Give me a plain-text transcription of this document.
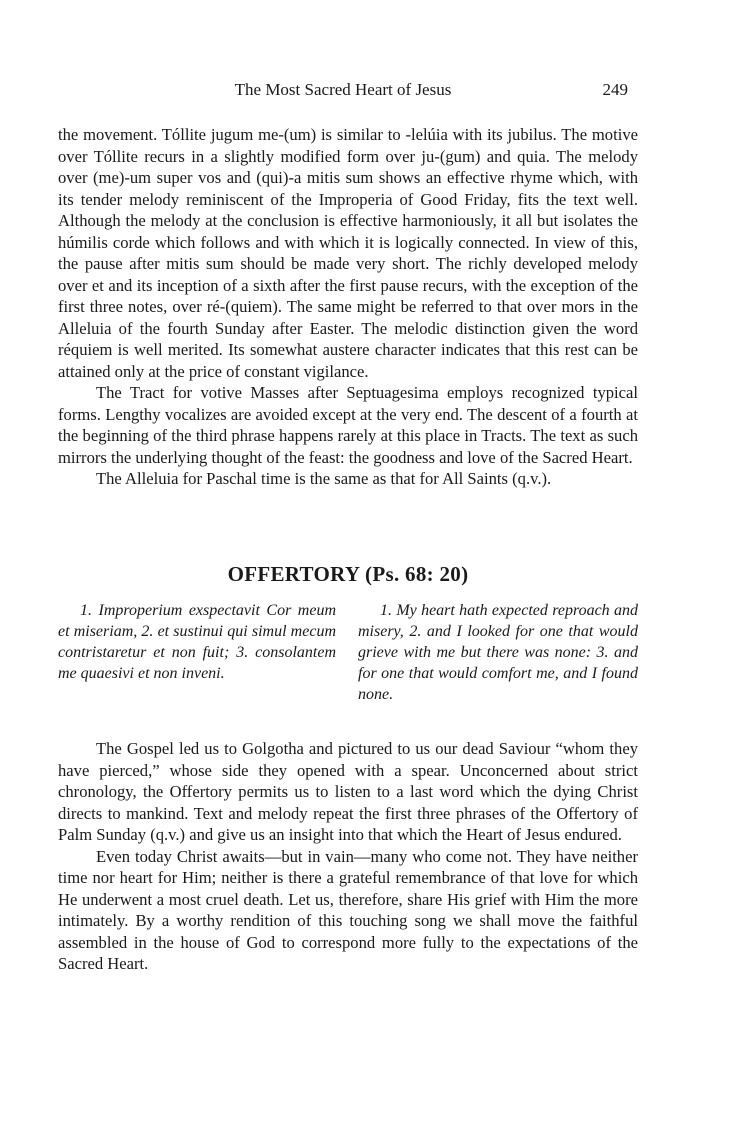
The Most Sacred Heart of Jesus	249

the movement. Tóllite jugum me-(um) is similar to -lelúia with its jubilus. The motive over Tóllite recurs in a slightly modified form over ju-(gum) and quia. The melody over (me)-um super vos and (qui)-a mitis sum shows an effective rhyme which, with its tender melody reminiscent of the Improperia of Good Friday, fits the text well. Although the melody at the conclusion is effective harmoniously, it all but isolates the húmilis corde which follows and with which it is logically connected. In view of this, the pause after mitis sum should be made very short. The richly developed melody over et and its inception of a sixth after the first pause recurs, with the exception of the first three notes, over ré-(quiem). The same might be referred to that over mors in the Alleluia of the fourth Sunday after Easter. The melodic distinction given the word réquiem is well merited. Its somewhat austere character indicates that this rest can be attained only at the price of constant vigilance.

The Tract for votive Masses after Septuagesima employs recognized typical forms. Lengthy vocalizes are avoided except at the very end. The descent of a fourth at the beginning of the third phrase happens rarely at this place in Tracts. The text as such mirrors the underlying thought of the feast: the goodness and love of the Sacred Heart.

The Alleluia for Paschal time is the same as that for All Saints (q.v.).

OFFERTORY (Ps. 68: 20)

1. Improperium exspectavit Cor meum et miseriam, 2. et sustinui qui simul mecum contristaretur et non fuit; 3. consolantem me quaesivi et non inveni.

1. My heart hath expected reproach and misery, 2. and I looked for one that would grieve with me but there was none: 3. and for one that would comfort me, and I found none.

The Gospel led us to Golgotha and pictured to us our dead Saviour “whom they have pierced,” whose side they opened with a spear. Unconcerned about strict chronology, the Offertory permits us to listen to a last word which the dying Christ directs to mankind. Text and melody repeat the first three phrases of the Offertory of Palm Sunday (q.v.) and give us an insight into that which the Heart of Jesus endured.

Even today Christ awaits—but in vain—many who come not. They have neither time nor heart for Him; neither is there a grateful remembrance of that love for which He underwent a most cruel death. Let us, therefore, share His grief with Him the more intimately. By a worthy rendition of this touching song we shall move the faithful assembled in the house of God to correspond more fully to the expectations of the Sacred Heart.
